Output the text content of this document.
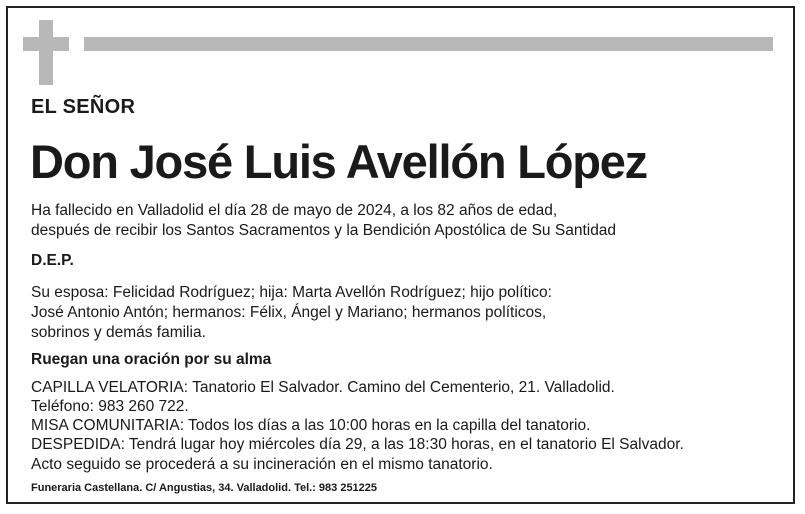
EL SEÑOR
Don José Luis Avellón López
Ha fallecido en Valladolid el día 28 de mayo de 2024, a los 82 años de edad,
después de recibir los Santos Sacramentos y la Bendición Apostólica de Su Santidad
D.E.P.
Su esposa: Felicidad Rodríguez; hija: Marta Avellón Rodríguez; hijo político:
José Antonio Antón; hermanos: Félix, Ángel y Mariano; hermanos políticos,
sobrinos y demás familia.
Ruegan una oración por su alma
CAPILLA VELATORIA: Tanatorio El Salvador. Camino del Cementerio, 21. Valladolid.
Teléfono: 983 260 722.
MISA COMUNITARIA: Todos los días a las 10:00 horas en la capilla del tanatorio.
DESPEDIDA: Tendrá lugar hoy miércoles día 29, a las 18:30 horas, en el tanatorio El Salvador.
Acto seguido se procederá a su incineración en el mismo tanatorio.
Funeraria Castellana. C/ Angustias, 34. Valladolid. Tel.: 983 251225
